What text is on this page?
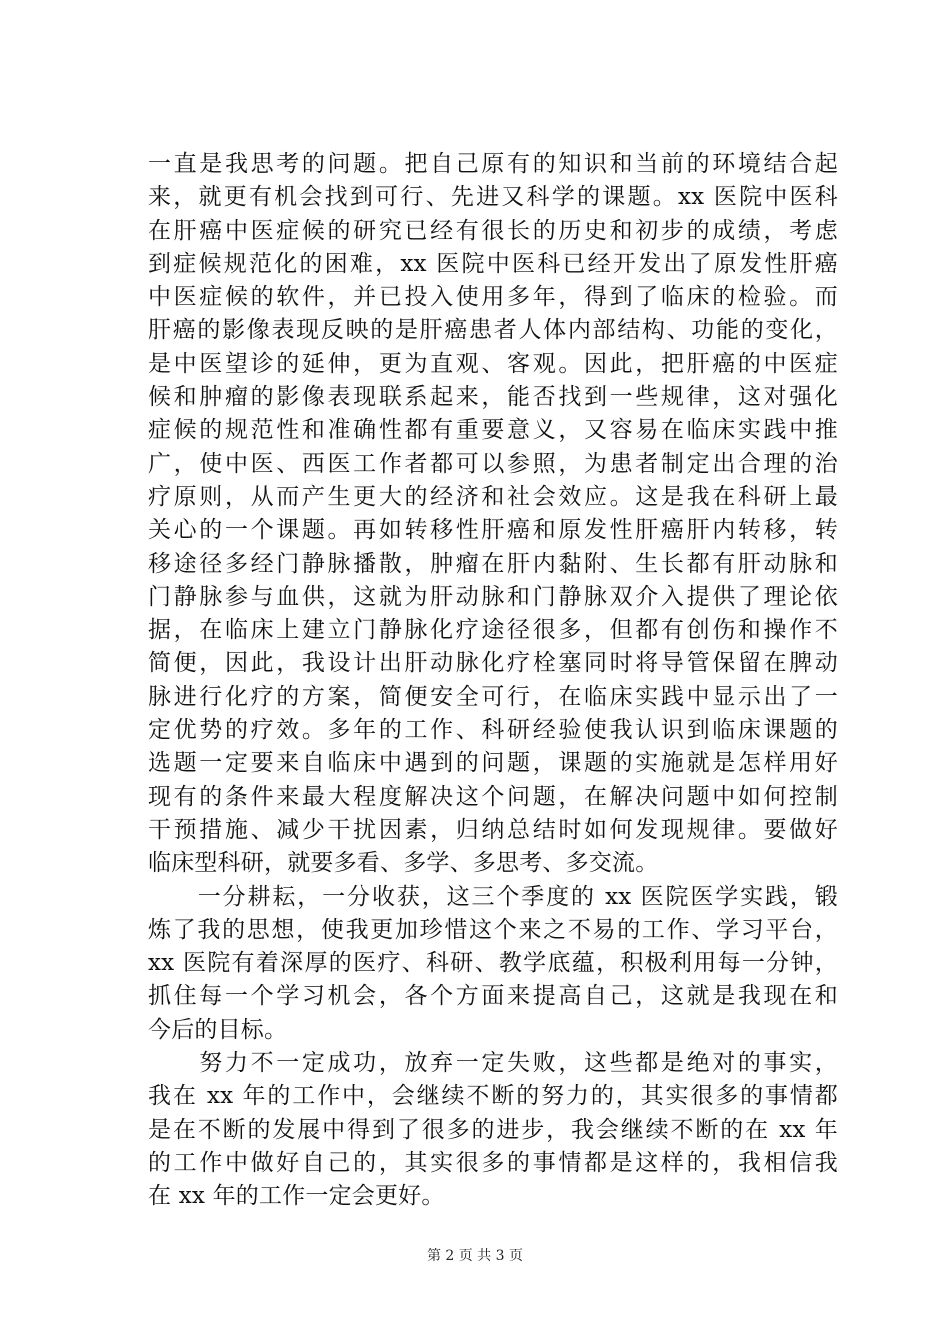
一直是我思考的问题。把自己原有的知识和当前的环境结合起
来，就更有机会找到可行、先进又科学的课题。xx 医院中医科
在肝癌中医症候的研究已经有很长的历史和初步的成绩，考虑
到症候规范化的困难，xx 医院中医科已经开发出了原发性肝癌
中医症候的软件，并已投入使用多年，得到了临床的检验。而
肝癌的影像表现反映的是肝癌患者人体内部结构、功能的变化，
是中医望诊的延伸，更为直观、客观。因此，把肝癌的中医症
候和肿瘤的影像表现联系起来，能否找到一些规律，这对强化
症候的规范性和准确性都有重要意义，又容易在临床实践中推
广，使中医、西医工作者都可以参照，为患者制定出合理的治
疗原则，从而产生更大的经济和社会效应。这是我在科研上最
关心的一个课题。再如转移性肝癌和原发性肝癌肝内转移，转
移途径多经门静脉播散，肿瘤在肝内黏附、生长都有肝动脉和
门静脉参与血供，这就为肝动脉和门静脉双介入提供了理论依
据，在临床上建立门静脉化疗途径很多，但都有创伤和操作不
简便，因此，我设计出肝动脉化疗栓塞同时将导管保留在脾动
脉进行化疗的方案，简便安全可行，在临床实践中显示出了一
定优势的疗效。多年的工作、科研经验使我认识到临床课题的
选题一定要来自临床中遇到的问题，课题的实施就是怎样用好
现有的条件来最大程度解决这个问题，在解决问题中如何控制
干预措施、减少干扰因素，归纳总结时如何发现规律。要做好
临床型科研，就要多看、多学、多思考、多交流。
　　一分耕耘，一分收获，这三个季度的 xx 医院医学实践，锻
炼了我的思想，使我更加珍惜这个来之不易的工作、学习平台，
xx 医院有着深厚的医疗、科研、教学底蕴，积极利用每一分钟，
抓住每一个学习机会，各个方面来提高自己，这就是我现在和
今后的目标。
　　努力不一定成功，放弃一定失败，这些都是绝对的事实，
我在 xx 年的工作中，会继续不断的努力的，其实很多的事情都
是在不断的发展中得到了很多的进步，我会继续不断的在 xx 年
的工作中做好自己的，其实很多的事情都是这样的，我相信我
在 xx 年的工作一定会更好。
第 2 页 共 3 页
